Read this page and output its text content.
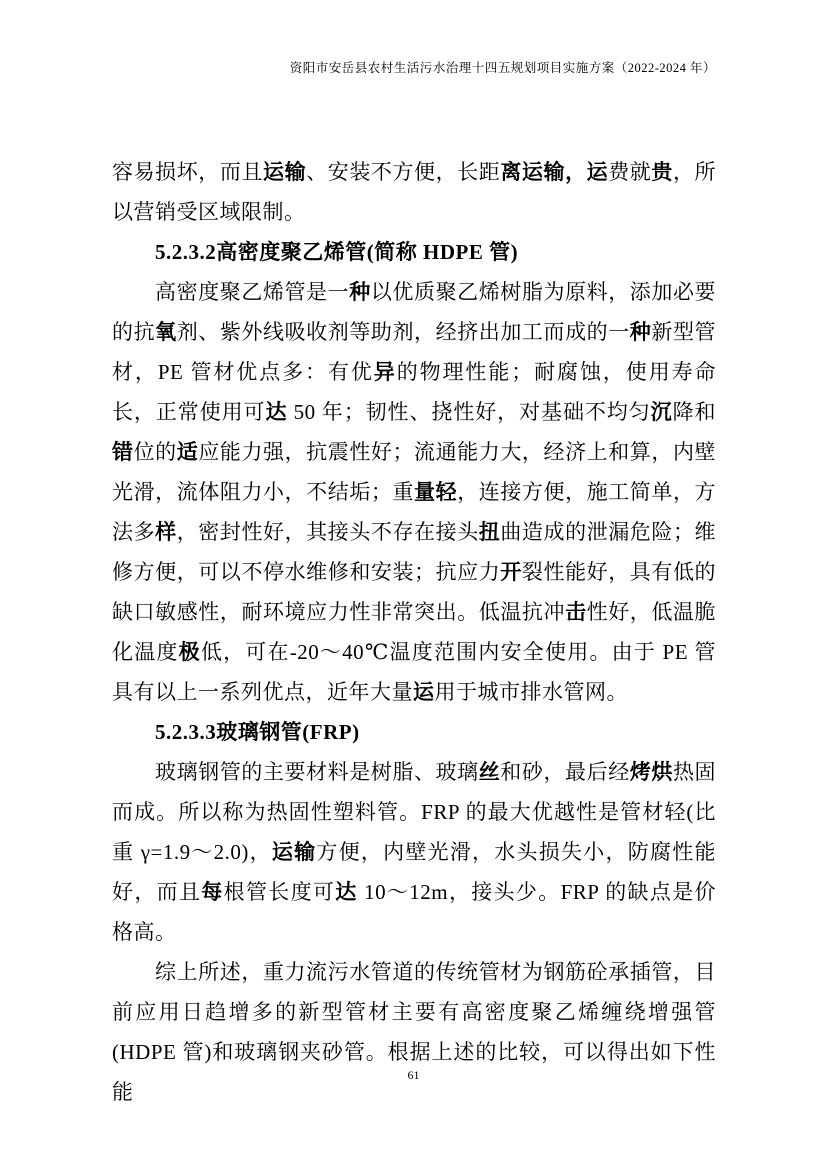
资阳市安岳县农村生活污水治理十四五规划项目实施方案（2022-2024 年）
容易损坏，而且运输、安装不方便，长距离运输，运费就贵，所以营销受区域限制。
5.2.3.2高密度聚乙烯管(简称 HDPE 管)
高密度聚乙烯管是一种以优质聚乙烯树脂为原料，添加必要的抗氧剂、紫外线吸收剂等助剂，经挤出加工而成的一种新型管材，PE 管材优点多：有优异的物理性能；耐腐蚀，使用寿命长，正常使用可达 50 年；韧性、挠性好，对基础不均匀沉降和错位的适应能力强，抗震性好；流通能力大，经济上和算，内壁光滑，流体阻力小，不结垢；重量轻，连接方便，施工简单，方法多样，密封性好，其接头不存在接头扭曲造成的泄漏危险；维修方便，可以不停水维修和安装；抗应力开裂性能好，具有低的缺口敏感性，耐环境应力性非常突出。低温抗冲击性好，低温脆化温度极低，可在-20～40℃温度范围内安全使用。由于 PE 管具有以上一系列优点，近年大量运用于城市排水管网。
5.2.3.3玻璃钢管(FRP)
玻璃钢管的主要材料是树脂、玻璃丝和砂，最后经烤烘热固而成。所以称为热固性塑料管。FRP 的最大优越性是管材轻(比重 γ=1.9～2.0)，运输方便，内壁光滑，水头损失小，防腐性能好，而且每根管长度可达 10～12m，接头少。FRP 的缺点是价格高。
综上所述，重力流污水管道的传统管材为钢筋砼承插管，目前应用日趋增多的新型管材主要有高密度聚乙烯缠绕增强管(HDPE 管)和玻璃钢夹砂管。根据上述的比较，可以得出如下性能
61
